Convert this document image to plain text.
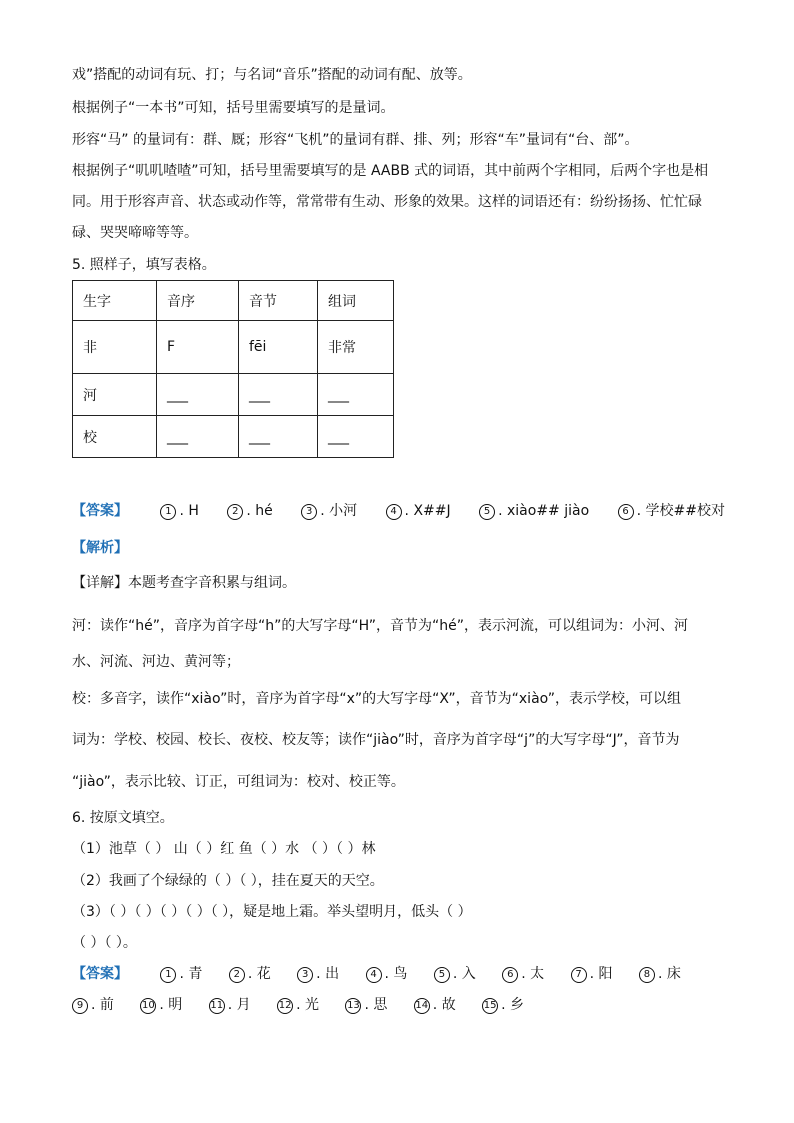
戏”搭配的动词有玩、打；与名词“音乐”搭配的动词有配、放等。
根据例子“一本书”可知，括号里需要填写的是量词。
形容“马” 的量词有：群、厩；形容“飞机”的量词有群、排、列；形容“车”量词有“台、部”。
根据例子“叽叽喳喳”可知，括号里需要填写的是 AABB 式的词语，其中前两个字相同，后两个字也是相
同。用于形容声音、状态或动作等，常常带有生动、形象的效果。这样的词语还有：纷纷扬扬、忙忙碌
碌、哭哭啼啼等等。
5. 照样子，填写表格。
生字	音序	音节	组词
非	F	fēi	非常
河	___	___	___
校	___	___	___
【答案】	1 . H	2 . hé	3 . 小河	4 . X##J	5 . xiào## jiào	6 . 学校##校对
【解析】
【详解】本题考查字音积累与组词。
河：读作“hé”，音序为首字母“h”的大写字母“H”，音节为“hé”，表示河流，可以组词为：小河、河
水、河流、河边、黄河等；
校：多音字，读作“xiào”时，音序为首字母“x”的大写字母“X”，音节为“xiào”，表示学校，可以组
词为：学校、校园、校长、夜校、校友等；读作“jiào”时，音序为首字母“j”的大写字母“J”，音节为
“jiào”，表示比较、订正，可组词为：校对、校正等。
6. 按原文填空。
（1）池草（ ） 山（ ）红 鱼（ ）水 （ ）（ ）林
（2）我画了个绿绿的（ ）（ ），挂在夏天的天空。
（3）（ ）（ ）（ ）（ ）（ ），疑是地上霜。举头望明月，低头（ ）
（ ）（ ）。
【答案】	1 . 青	2 . 花	3 . 出	4 . 鸟	5 . 入	6 . 太	7 . 阳	8 . 床
9 . 前	10 . 明	11 . 月	12 . 光	13 . 思	14 . 故	15 . 乡
